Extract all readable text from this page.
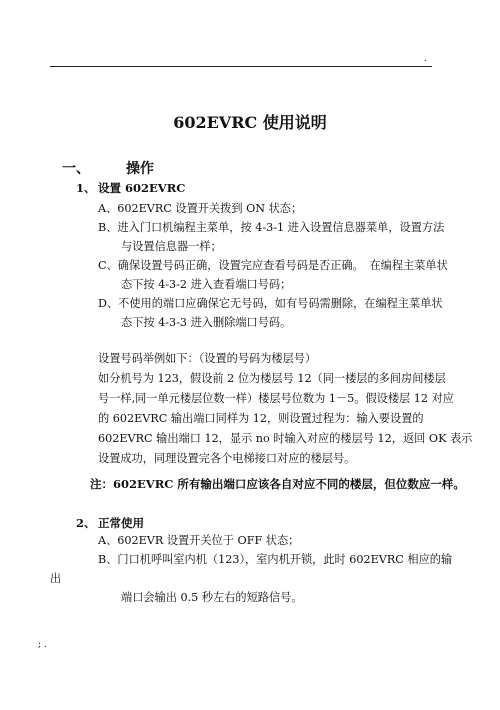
.
602EVRC 使用说明
一、	操作
1、 设置 602EVRC
A、602EVRC 设置开关拨到 ON 状态；
B、进入门口机编程主菜单，按 4-3-1 进入设置信息器菜单，设置方法
与设置信息器一样；
C、确保设置号码正确，设置完应查看号码是否正确。　在编程主菜单状
态下按 4-3-2 进入查看端口号码；
D、不使用的端口应确保它无号码，如有号码需删除，在编程主菜单状
态下按 4-3-3 进入删除端口号码。
设置号码举例如下：（设置的号码为楼层号）
如分机号为 123，假设前 2 位为楼层号 12（同一楼层的多间房间楼层
号一样,同一单元楼层位数一样）楼层号位数为 1－5。假设楼层 12 对应
的 602EVRC 输出端口同样为 12，则设置过程为：输入要设置的
602EVRC 输出端口 12，显示 no 时输入对应的楼层号 12，返回 OK 表示
设置成功，同理设置完各个电梯接口对应的楼层号。
注：602EVRC 所有输出端口应该各自对应不同的楼层，但位数应一样。
2、 正常使用
A、602EVR 设置开关位于 OFF 状态；
B、门口机呼叫室内机（123），室内机开锁，此时 602EVRC 相应的输
出
端口会输出 0.5 秒左右的短路信号。
; .
